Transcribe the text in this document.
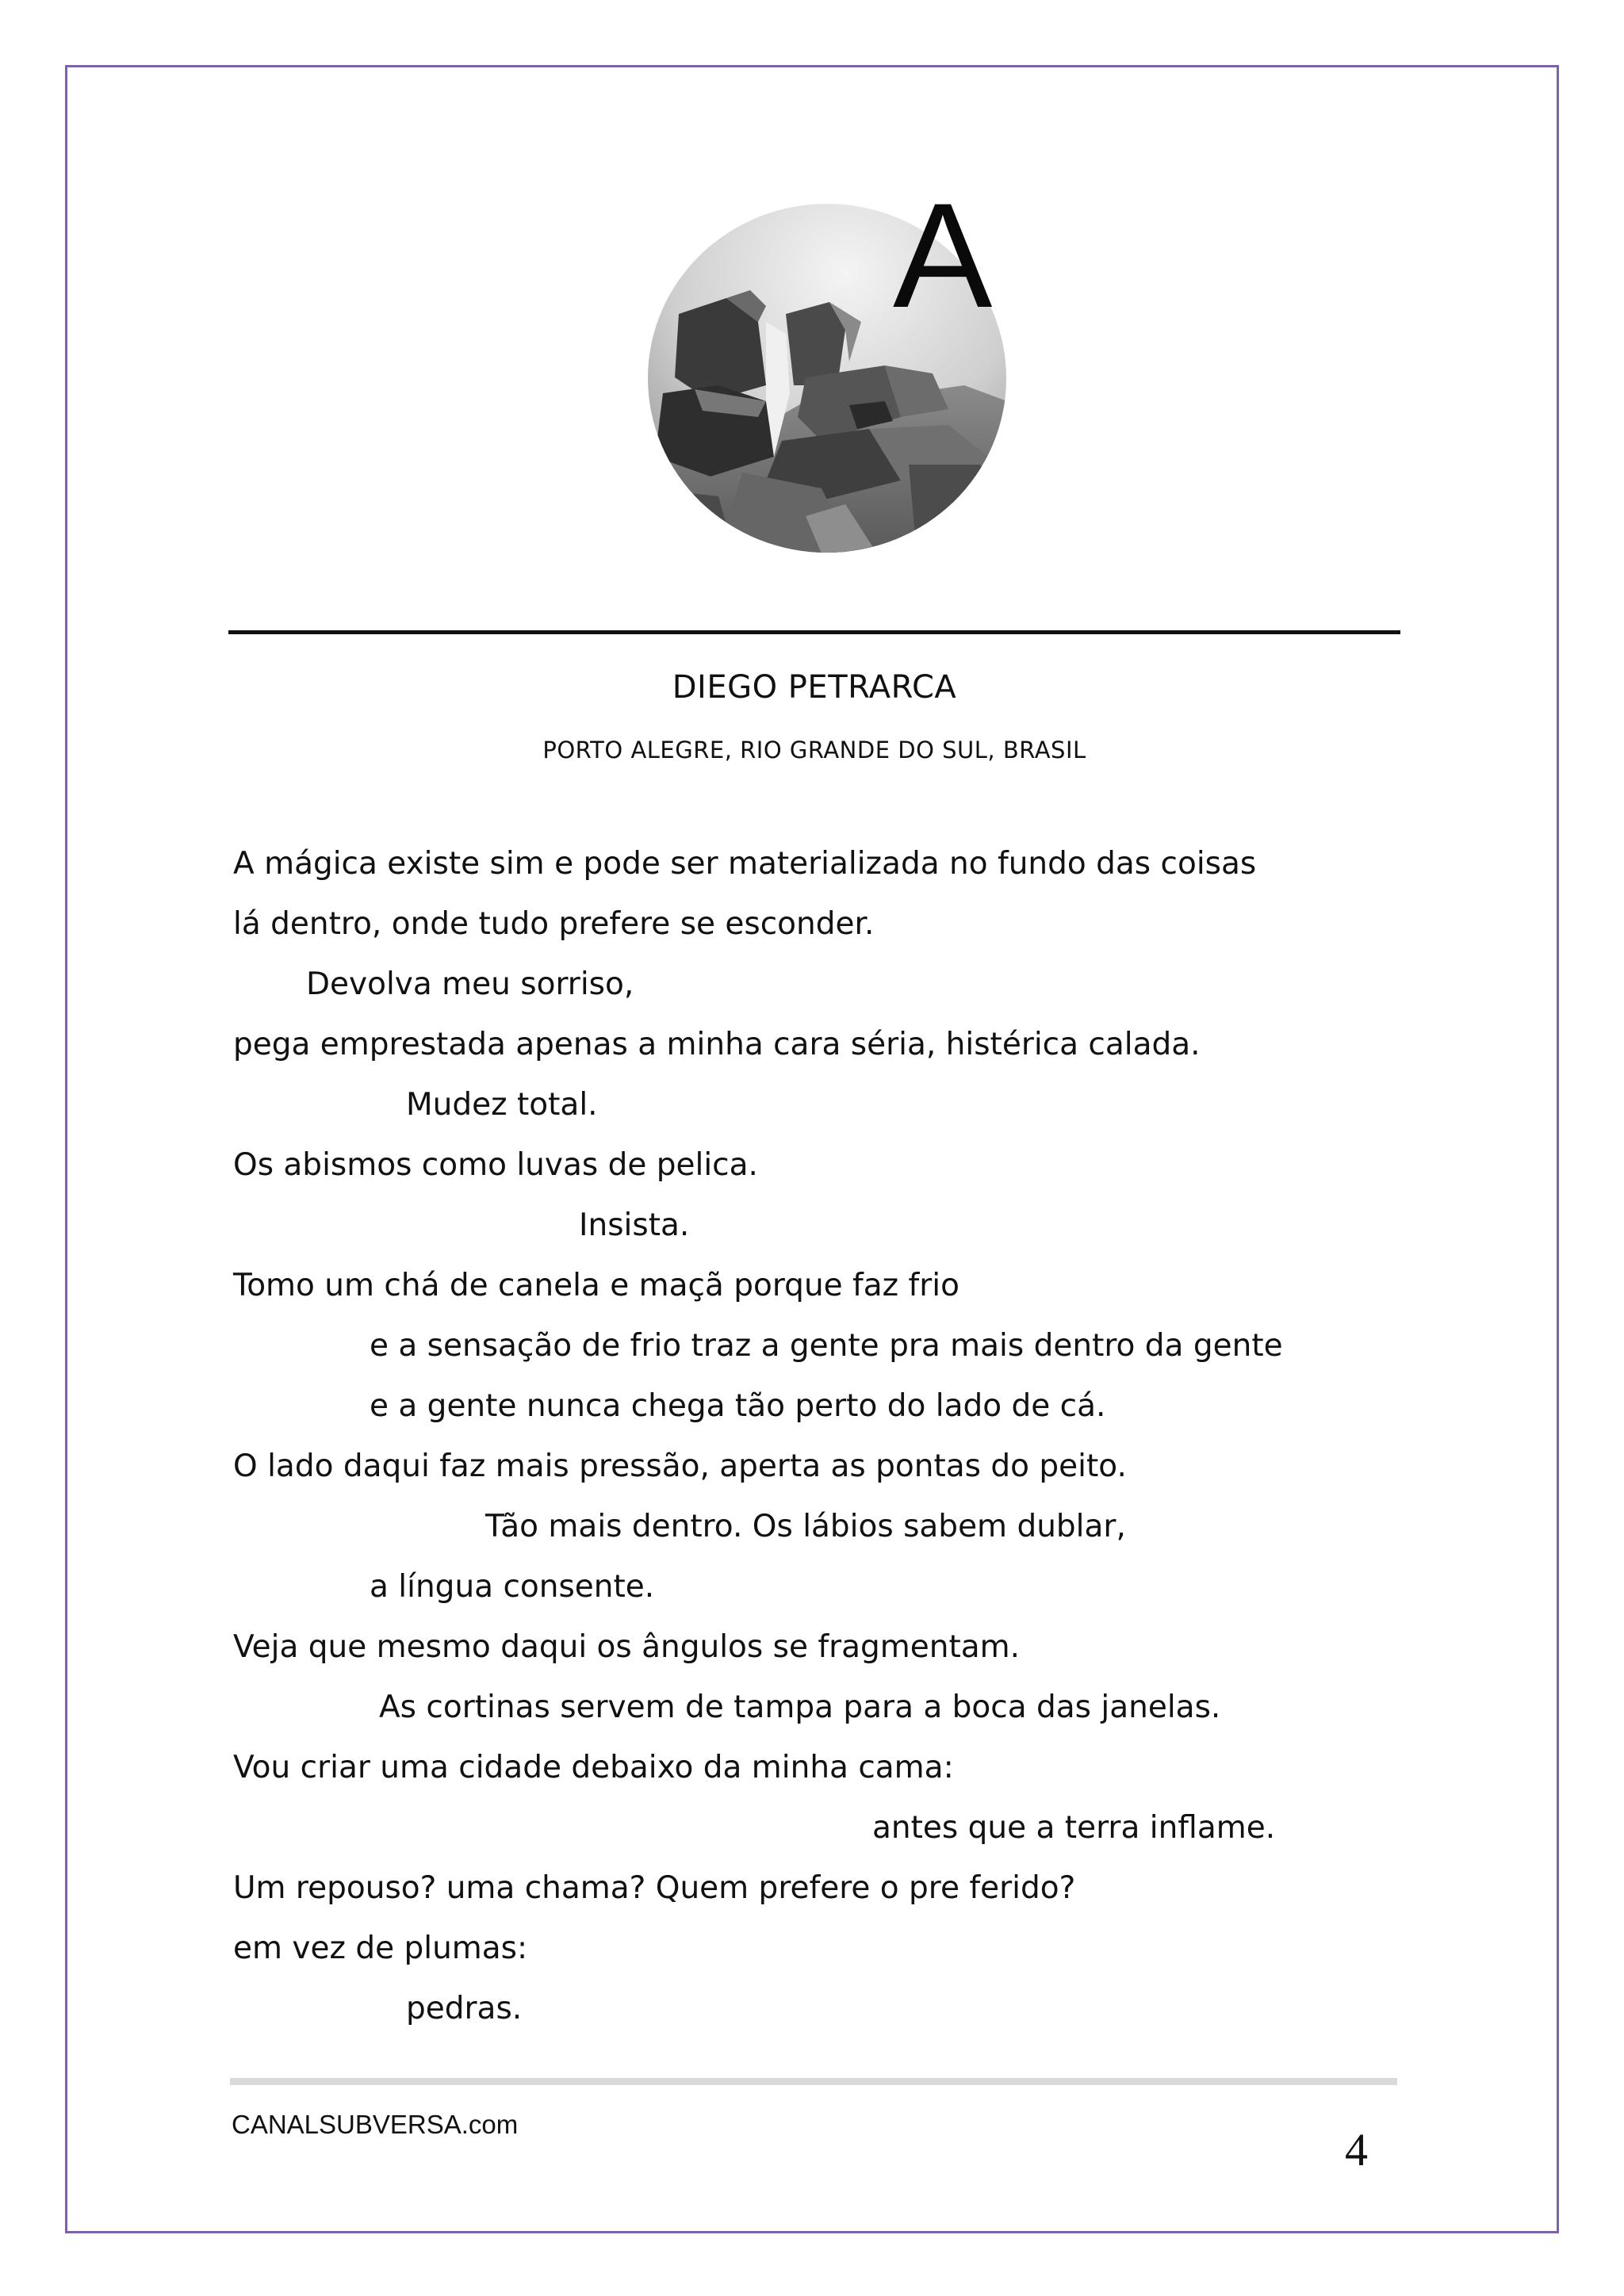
A

DIEGO PETRARCA

PORTO ALEGRE, RIO GRANDE DO SUL, BRASIL

A mágica existe sim e pode ser materializada no fundo das coisas
lá dentro, onde tudo prefere se esconder.
Devolva meu sorriso,
pega emprestada apenas a minha cara séria, histérica calada.
Mudez total.
Os abismos como luvas de pelica.
Insista.
Tomo um chá de canela e maçã porque faz frio
e a sensação de frio traz a gente pra mais dentro da gente
e a gente nunca chega tão perto do lado de cá.
O lado daqui faz mais pressão, aperta as pontas do peito.
Tão mais dentro. Os lábios sabem dublar,
a língua consente.
Veja que mesmo daqui os ângulos se fragmentam.
As cortinas servem de tampa para a boca das janelas.
Vou criar uma cidade debaixo da minha cama:
antes que a terra inflame.
Um repouso? uma chama? Quem prefere o pre ferido?
em vez de plumas:
pedras.

CANALSUBVERSA.com	4
